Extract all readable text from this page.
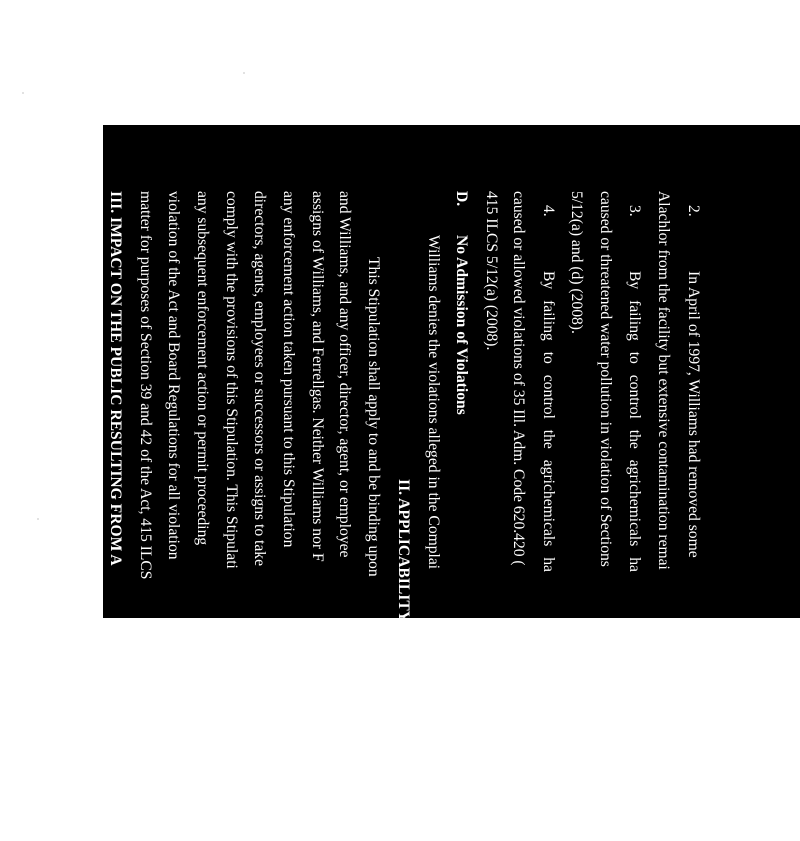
2.
In April of 1997, Williams had removed some
Alachlor from the facility but extensive contamination remai
3.
By failing to control the agrichemicals ha
caused or threatened water pollution in violation of Sections
5/12(a) and (d) (2008).
4.
By failing to control the agrichemicals ha
caused or allowed violations of 35 Ill. Adm. Code 620.420 (
415 ILCS 5/12(a) (2008).
D.
No Admission of Violations
Williams denies the violations alleged in the Complai
II. APPLICABILITY
This Stipulation shall apply to and be binding upon
and Williams, and any officer, director, agent, or employee
assigns of Williams, and Ferrellgas. Neither Williams nor F
any enforcement action taken pursuant to this Stipulation
directors, agents, employees or successors or assigns to take
comply with the provisions of this Stipulation. This Stipulati
any subsequent enforcement action or permit proceeding
violation of the Act and Board Regulations for all violation
matter for purposes of Section 39 and 42 of the Act, 415 ILCS
III. IMPACT ON THE PUBLIC RESULTING FROM A
Section 33(c) of the Act, 415 ILCS 5/33(c) (2006), pro
3
